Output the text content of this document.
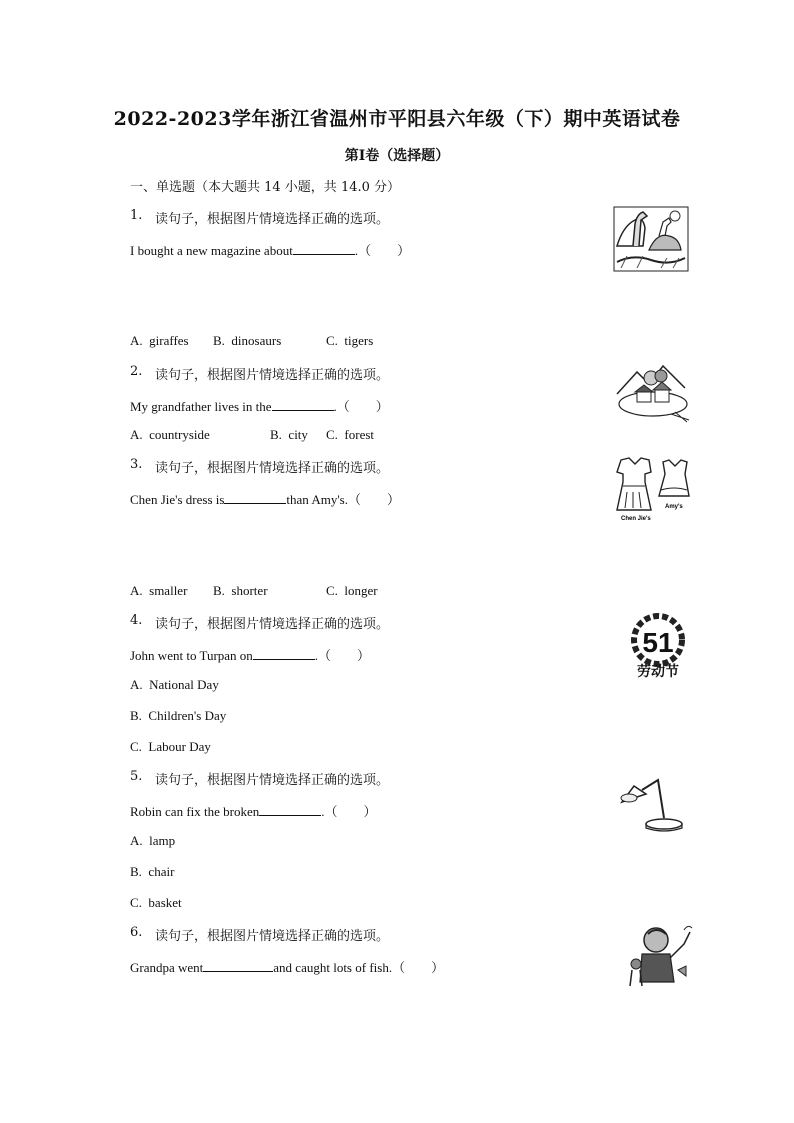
2022-2023学年浙江省温州市平阳县六年级（下）期中英语试卷
第Ⅰ卷（选择题）
一、单选题（本大题共 14 小题，共 14.0 分）
1. 读句子，根据图片情境选择正确的选项。
I bought a new magazine about	.（　　）
A. giraffes B. dinosaurs	C. tigers
2. 读句子，根据图片情境选择正确的选项。
My grandfather lives in the	.（　　）
A. countryside	B. city C. forest
3. 读句子，根据图片情境选择正确的选项。
Chen Jie's dress is	than Amy's.（　　）
A. smaller B. shorter	C. longer
Chen Jie's
Amy's
4. 读句子，根据图片情境选择正确的选项。
John went to Turpan on	.（　　）
A. National Day
B. Children's Day
C. Labour Day
51
劳动节
5. 读句子，根据图片情境选择正确的选项。
Robin can fix the broken	.（　　）
A. lamp
B. chair
C. basket
6. 读句子，根据图片情境选择正确的选项。
Grandpa went	and caught lots of fish.（　　）
